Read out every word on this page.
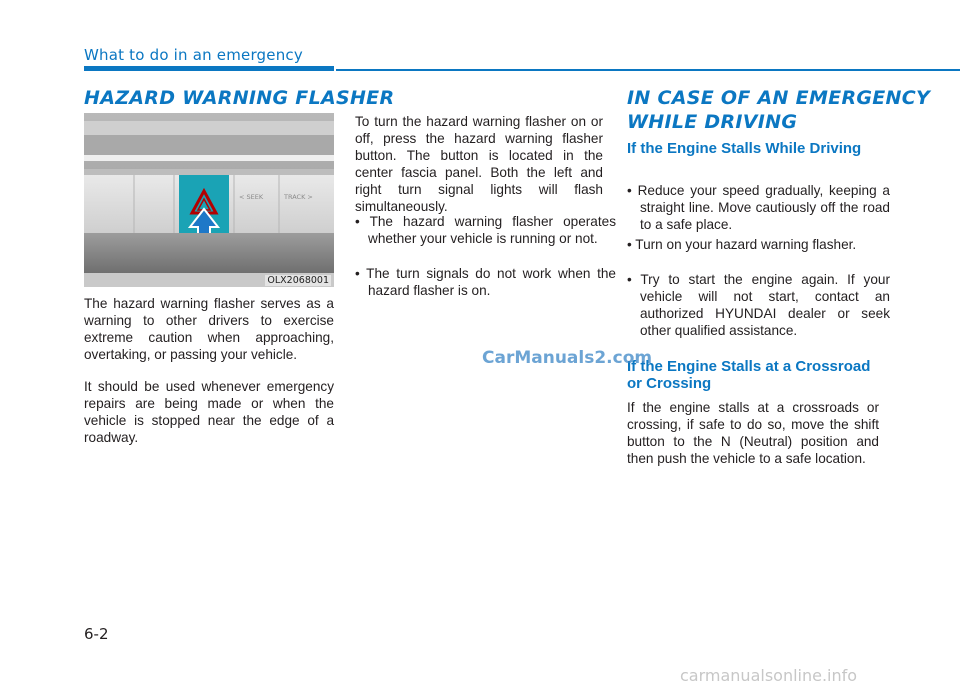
What to do in an emergency
HAZARD WARNING FLASHER
< SEEK	TRACK >
OLX2068001

The hazard warning flasher serves as a warning to other drivers to exercise extreme caution when approaching, overtaking, or passing your vehicle.

It should be used whenever emergency repairs are being made or when the vehicle is stopped near the edge of a roadway.

To turn the hazard warning flasher on or off, press the hazard warning flasher button. The button is located in the center fascia panel. Both the left and right turn signal lights will flash simultaneously.

• The hazard warning flasher operates whether your vehicle is running or not.

• The turn signals do not work when the hazard flasher is on.

IN CASE OF AN EMERGENCY
WHILE DRIVING
If the Engine Stalls While Driving

• Reduce your speed gradually, keeping a straight line. Move cautiously off the road to a safe place.

• Turn on your hazard warning flasher.

• Try to start the engine again. If your vehicle will not start, contact an authorized HYUNDAI dealer or seek other qualified assistance.

If the Engine Stalls at a Crossroad or Crossing

If the engine stalls at a crossroads or crossing, if safe to do so, move the shift button to the N (Neutral) position and then push the vehicle to a safe location.

CarManuals2.com
6-2
carmanualsonline.info
